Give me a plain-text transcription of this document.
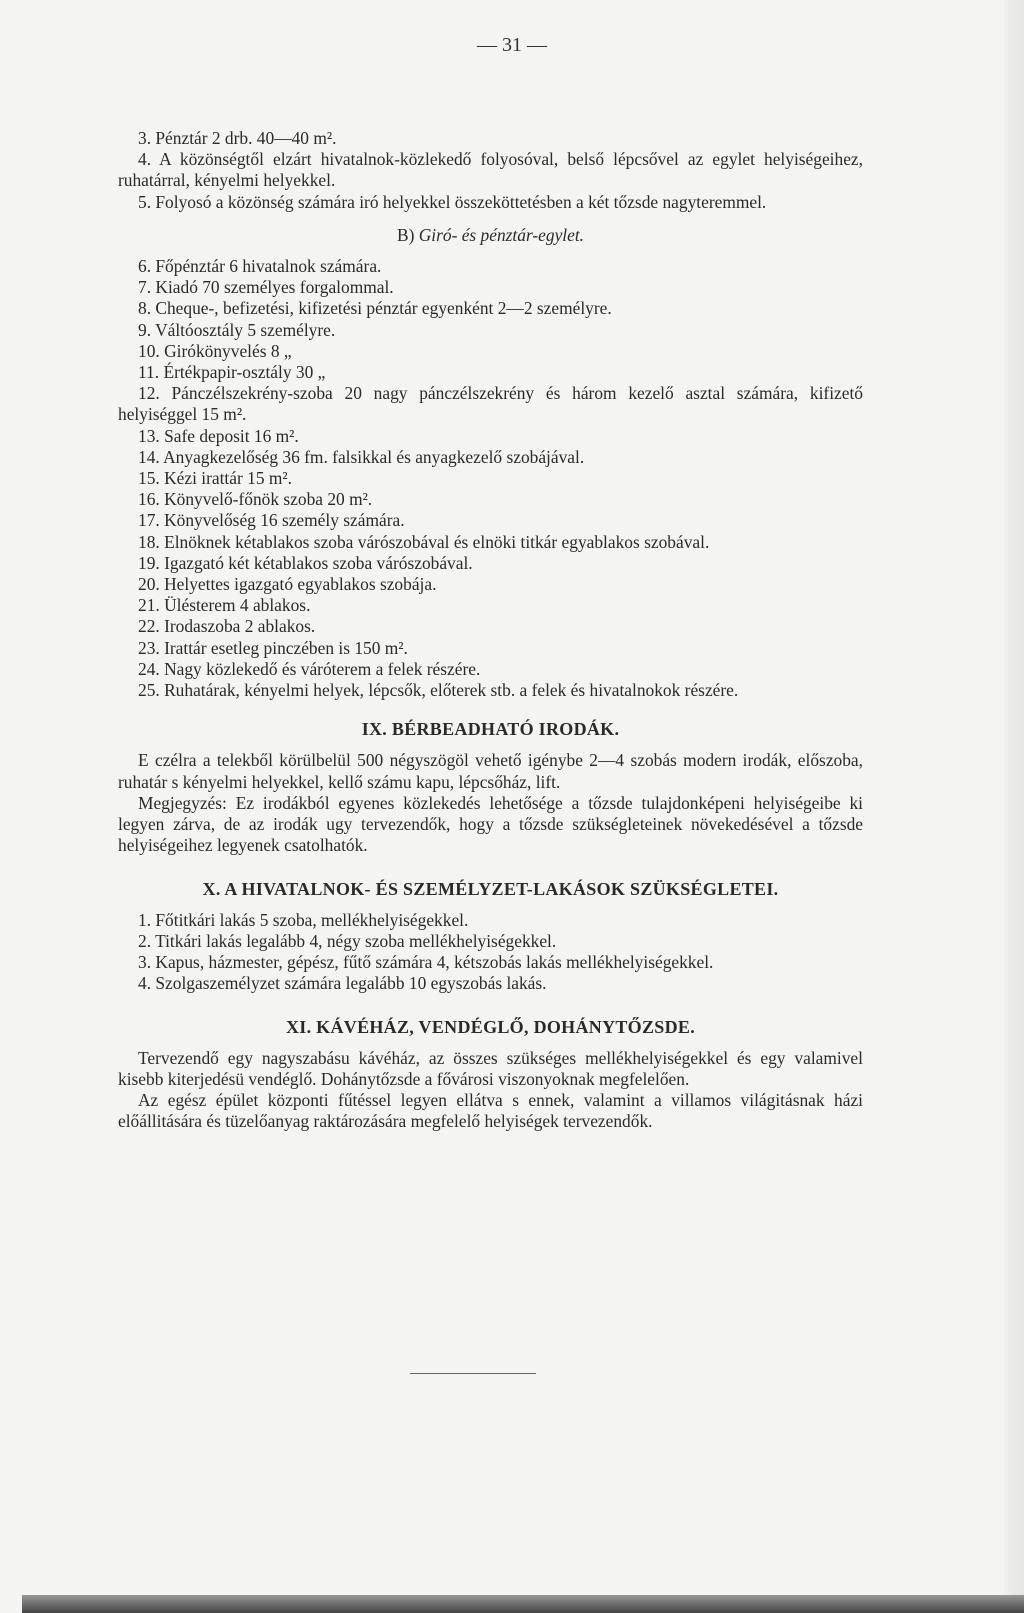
— 31 —

3. Pénztár 2 drb. 40—40 m².

4. A közönségtől elzárt hivatalnok-közlekedő folyosóval, belső lépcsővel az egylet helyiségeihez, ruhatárral, kényelmi helyekkel.

5. Folyosó a közönség számára iró helyekkel összeköttetésben a két tőzsde nagyteremmel.

B) Giró- és pénztár-egylet.

6. Főpénztár 6 hivatalnok számára.

7. Kiadó 70 személyes forgalommal.

8. Cheque-, befizetési, kifizetési pénztár egyenként 2—2 személyre.

9. Váltóosztály 5 személyre.

10. Girókönyvelés 8 „

11. Értékpapir-osztály 30 „

12. Pánczélszekrény-szoba 20 nagy pánczélszekrény és három kezelő asztal számára, kifizető helyiséggel 15 m².

13. Safe deposit 16 m².

14. Anyagkezelőség 36 fm. falsikkal és anyagkezelő szobájával.

15. Kézi irattár 15 m².

16. Könyvelő-főnök szoba 20 m².

17. Könyvelőség 16 személy számára.

18. Elnöknek kétablakos szoba várószobával és elnöki titkár egyablakos szobával.

19. Igazgató két kétablakos szoba várószobával.

20. Helyettes igazgató egyablakos szobája.

21. Ülésterem 4 ablakos.

22. Irodaszoba 2 ablakos.

23. Irattár esetleg pinczében is 150 m².

24. Nagy közlekedő és váróterem a felek részére.

25. Ruhatárak, kényelmi helyek, lépcsők, előterek stb. a felek és hivatalnokok részére.

IX. BÉRBEADHATÓ IRODÁK.

E czélra a telekből körülbelül 500 négyszögöl vehető igénybe 2—4 szobás modern irodák, előszoba, ruhatár s kényelmi helyekkel, kellő számu kapu, lépcsőház, lift.

Megjegyzés: Ez irodákból egyenes közlekedés lehetősége a tőzsde tulajdonképeni helyiségeibe ki legyen zárva, de az irodák ugy tervezendők, hogy a tőzsde szükségleteinek növekedésével a tőzsde helyiségeihez legyenek csatolhatók.

X. A HIVATALNOK- ÉS SZEMÉLYZET-LAKÁSOK SZÜKSÉGLETEI.

1. Főtitkári lakás 5 szoba, mellékhelyiségekkel.

2. Titkári lakás legalább 4, négy szoba mellékhelyiségekkel.

3. Kapus, házmester, gépész, fűtő számára 4, kétszobás lakás mellékhelyiségekkel.

4. Szolgaszemélyzet számára legalább 10 egyszobás lakás.

XI. KÁVÉHÁZ, VENDÉGLŐ, DOHÁNYTŐZSDE.

Tervezendő egy nagyszabásu kávéház, az összes szükséges mellékhelyiségekkel és egy valamivel kisebb kiterjedésü vendéglő. Dohánytőzsde a fővárosi viszonyoknak megfelelően.

Az egész épület központi fűtéssel legyen ellátva s ennek, valamint a villamos világitásnak házi előállitására és tüzelőanyag raktározására megfelelő helyiségek tervezendők.
